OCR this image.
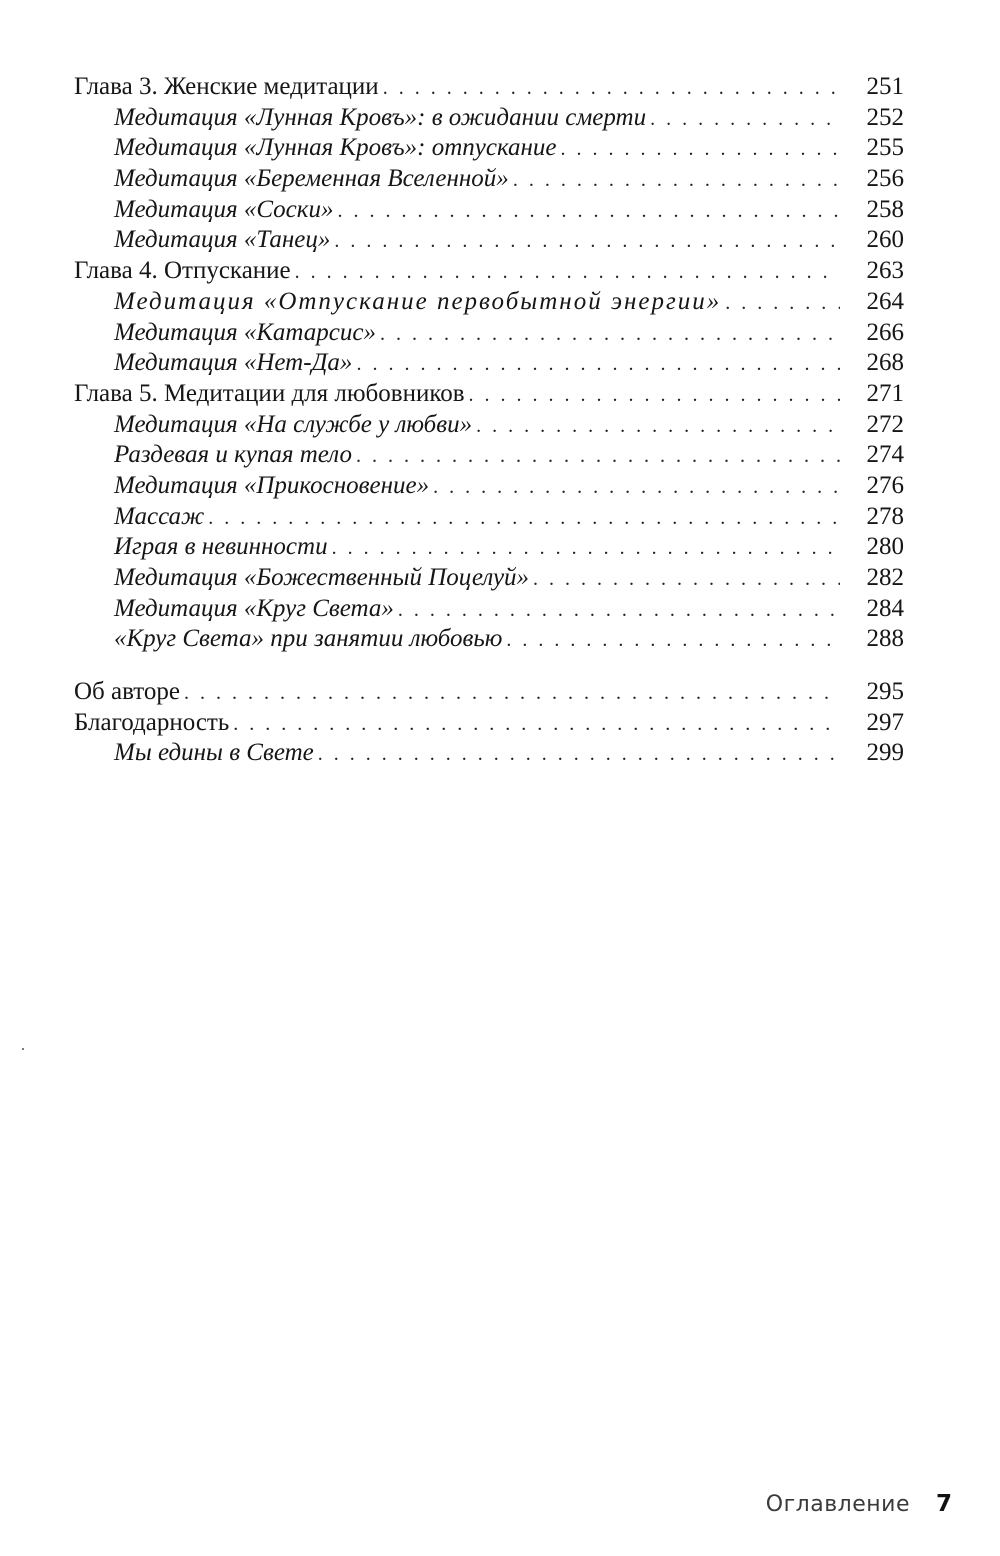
Глава 3. Женские медитации . . .	251
Медитация «Лунная Кровъ»: в ожидании смерти . . .	252
Медитация «Лунная Кровъ»: отпускание . . .	255
Медитация «Беременная Вселенной» . . .	256
Медитация «Соски» . . .	258
Медитация «Танец» . . .	260
Глава 4. Отпускание . . .	263
Медитация «Отпускание первобытной энергии» . . .	264
Медитация «Катарсис» . . .	266
Медитация «Нет-Да» . . .	268
Глава 5. Медитации для любовников . . .	271
Медитация «На службе у любви» . . .	272
Раздевая и купая тело . . .	274
Медитация «Прикосновение» . . .	276
Массаж . . .	278
Играя в невинности . . .	280
Медитация «Божественный Поцелуй» . . .	282
Медитация «Круг Света» . . .	284
«Круг Света» при занятии любовью . . .	288
Об авторе . . .	295
Благодарность . . .	297
Мы едины в Свете . . .	299
Оглавление 7
